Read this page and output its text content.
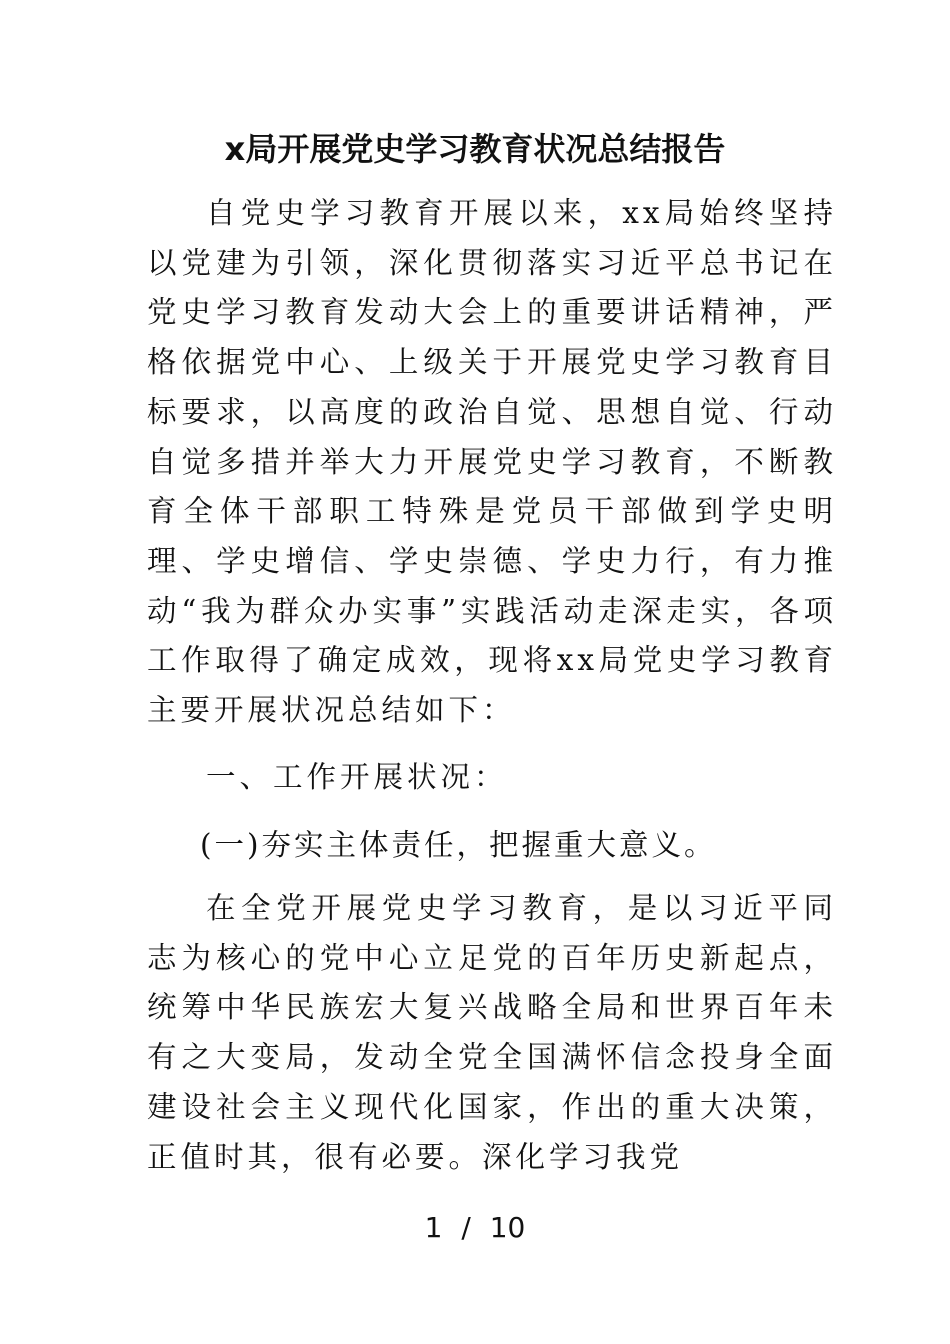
x局开展党史学习教育状况总结报告

自党史学习教育开展以来，xx局始终坚持以党建为引领，深化贯彻落实习近平总书记在党史学习教育发动大会上的重要讲话精神，严格依据党中心、上级关于开展党史学习教育目标要求，以高度的政治自觉、思想自觉、行动自觉多措并举大力开展党史学习教育，不断教育全体干部职工特殊是党员干部做到学史明理、学史增信、学史崇德、学史力行，有力推动“我为群众办实事”实践活动走深走实，各项工作取得了确定成效，现将xx局党史学习教育主要开展状况总结如下：

一、工作开展状况：

(一)夯实主体责任，把握重大意义。

在全党开展党史学习教育，是以习近平同志为核心的党中心立足党的百年历史新起点，统筹中华民族宏大复兴战略全局和世界百年未有之大变局，发动全党全国满怀信念投身全面建设社会主义现代化国家，作出的重大决策，正值时其，很有必要。深化学习我党

1 / 10
